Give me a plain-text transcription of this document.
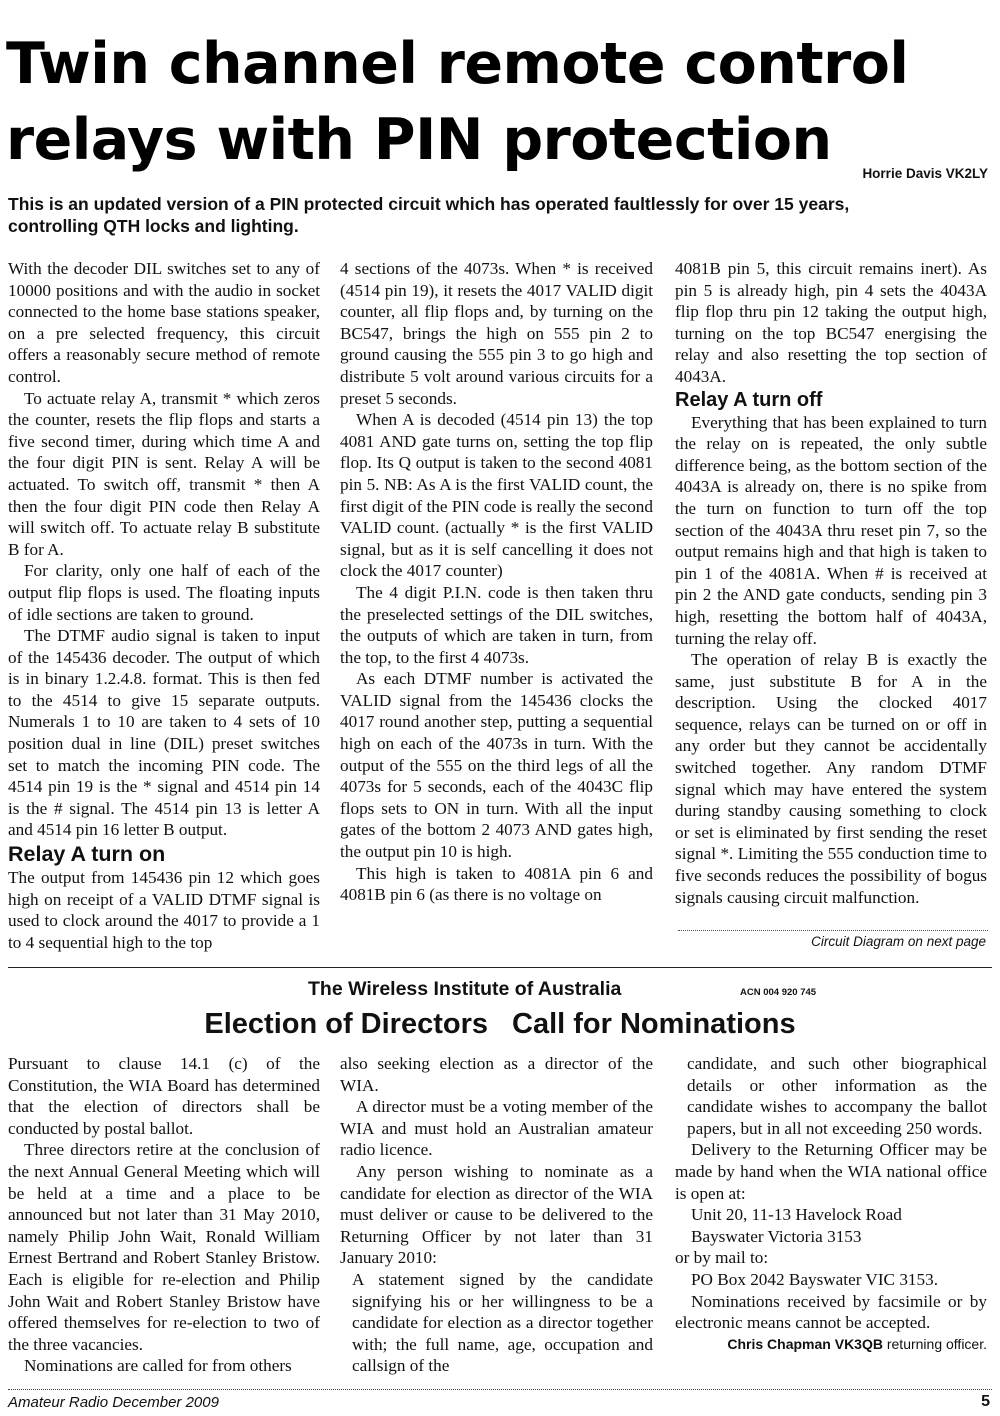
Twin channel remote control
relays with PIN protection
Horrie Davis VK2LY

This is an updated version of a PIN protected circuit which has operated faultlessly for over 15 years,
controlling QTH locks and lighting.

With the decoder DIL switches set to any of 10000 positions and with the audio in socket connected to the home base stations speaker, on a pre selected frequency, this circuit offers a reasonably secure method of remote control.

To actuate relay A, transmit * which zeros the counter, resets the flip flops and starts a five second timer, during which time A and the four digit PIN is sent. Relay A will be actuated. To switch off, transmit * then A then the four digit PIN code then Relay A will switch off. To actuate relay B substitute B for A.

For clarity, only one half of each of the output flip flops is used. The floating inputs of idle sections are taken to ground.

The DTMF audio signal is taken to input of the 145436 decoder. The output of which is in binary 1.2.4.8. format. This is then fed to the 4514 to give 15 separate outputs. Numerals 1 to 10 are taken to 4 sets of 10 position dual in line (DIL) preset switches set to match the incoming PIN code. The 4514 pin 19 is the * signal and 4514 pin 14 is the # signal. The 4514 pin 13 is letter A and 4514 pin 16 letter B output.

Relay A turn on

The output from 145436 pin 12 which goes high on receipt of a VALID DTMF signal is used to clock around the 4017 to provide a 1 to 4 sequential high to the top

4 sections of the 4073s. When * is received (4514 pin 19), it resets the 4017 VALID digit counter, all flip flops and, by turning on the BC547, brings the high on 555 pin 2 to ground causing the 555 pin 3 to go high and distribute 5 volt around various circuits for a preset 5 seconds.

When A is decoded (4514 pin 13) the top 4081 AND gate turns on, setting the top flip flop. Its Q output is taken to the second 4081 pin 5. NB: As A is the first VALID count, the first digit of the PIN code is really the second VALID count. (actually * is the first VALID signal, but as it is self cancelling it does not clock the 4017 counter)

The 4 digit P.I.N. code is then taken thru the preselected settings of the DIL switches, the outputs of which are taken in turn, from the top, to the first 4 4073s.

As each DTMF number is activated the VALID signal from the 145436 clocks the 4017 round another step, putting a sequential high on each of the 4073s in turn. With the output of the 555 on the third legs of all the 4073s for 5 seconds, each of the 4043C flip flops sets to ON in turn. With all the input gates of the bottom 2 4073 AND gates high, the output pin 10 is high.

This high is taken to 4081A pin 6 and 4081B pin 6 (as there is no voltage on

4081B pin 5, this circuit remains inert). As pin 5 is already high, pin 4 sets the 4043A flip flop thru pin 12 taking the output high, turning on the top BC547 energising the relay and also resetting the top section of 4043A.

Relay A turn off

Everything that has been explained to turn the relay on is repeated, the only subtle difference being, as the bottom section of the 4043A is already on, there is no spike from the turn on function to turn off the top section of the 4043A thru reset pin 7, so the output remains high and that high is taken to pin 1 of the 4081A. When # is received at pin 2 the AND gate conducts, sending pin 3 high, resetting the bottom half of 4043A, turning the relay off.

The operation of relay B is exactly the same, just substitute B for A in the description. Using the clocked 4017 sequence, relays can be turned on or off in any order but they cannot be accidentally switched together. Any random DTMF signal which may have entered the system during standby causing something to clock or set is eliminated by first sending the reset signal *. Limiting the 555 conduction time to five seconds reduces the possibility of bogus signals causing circuit malfunction.

Circuit Diagram on next page
The Wireless Institute of Australia	ACN 004 920 745
Election of Directors Call for Nominations

Pursuant to clause 14.1 (c) of the Constitution, the WIA Board has determined that the election of directors shall be conducted by postal ballot.

Three directors retire at the conclusion of the next Annual General Meeting which will be held at a time and a place to be announced but not later than 31 May 2010, namely Philip John Wait, Ronald William Ernest Bertrand and Robert Stanley Bristow. Each is eligible for re-election and Philip John Wait and Robert Stanley Bristow have offered themselves for re-election to two of the three vacancies.

Nominations are called for from others

also seeking election as a director of the WIA.

A director must be a voting member of the WIA and must hold an Australian amateur radio licence.

Any person wishing to nominate as a candidate for election as director of the WIA must deliver or cause to be delivered to the Returning Officer by not later than 31 January 2010:

A statement signed by the candidate signifying his or her willingness to be a candidate for election as a director together with; the full name, age, occupation and callsign of the

candidate, and such other biographical details or other information as the candidate wishes to accompany the ballot papers, but in all not exceeding 250 words.

Delivery to the Returning Officer may be made by hand when the WIA national office is open at:

Unit 20, 11-13 Havelock Road

Bayswater Victoria 3153

or by mail to:

PO Box 2042 Bayswater VIC 3153.

Nominations received by facsimile or by electronic means cannot be accepted.

Chris Chapman VK3QB returning officer.
Amateur Radio December 2009	5
